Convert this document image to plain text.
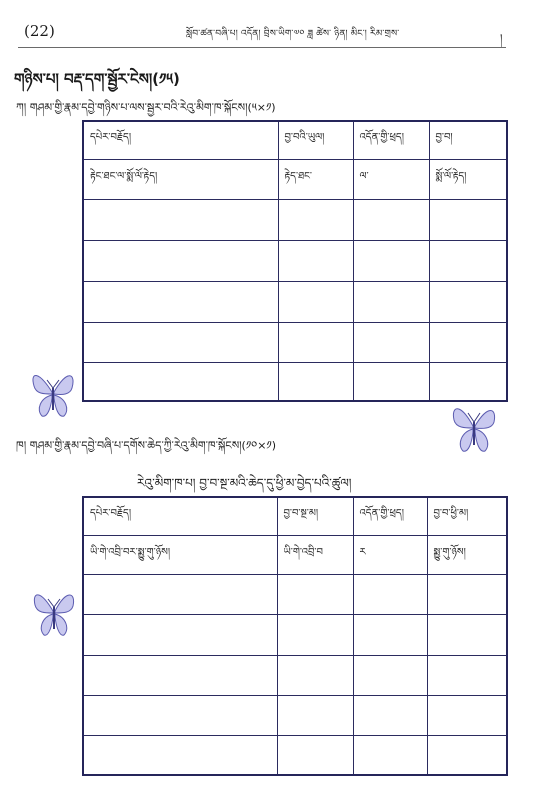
(22)	སློབ་ཚན་བཞི་པ། འདོན། བྲིས་ཡིག་༧༠ ཟླ ཚེས་ ཉིན། མིང་། རིམ་གྲས་	།
གཉིས་པ། བརྡ་དག་སྦྱོར་ངེས།(༡༥)
ཀ། གཤམ་གྱི་རྣམ་དབྱེ་གཉིས་པ་ལས་སྦྱར་བའི་རེའུ་མིག་ཁ་སྐོངས།(༥×༡)
དཔེར་བརྗོད།	བྱ་བའི་ཡུལ།	འདོན་གྱི་ཕྲད།	བྱ་བ།
རྟེང་ཐང་ལ་སྨོ་ལོ་རྟེད།	རྟེད་ཐང་	ལ་	སྨོ་ལོ་རྟེད།

ཁ། གཤམ་གྱི་རྣམ་དབྱེ་བཞི་པ་དགོས་ཆེད་ཀྱི་རེའུ་མིག་ཁ་སྐོངས།(༡༠×༡)
རེའུ་མིག་ཁ་པ། བྱ་བ་སྔ་མའི་ཆེད་དུ་ཕྱི་མ་བྱེད་པའི་ཚུལ།
དཔེར་བརྗོད།	བྱ་བ་སྔ་མ།	འདོན་གྱི་ཕྲད།	བྱ་བ་ཕྱི་མ།
ཡི་གེ་འབྲི་བར་སྨྱུ་གུ་ཉོས།	ཡི་གེ་འབྲི་བ	ར	སྨྱུ་གུ་ཉོས།
